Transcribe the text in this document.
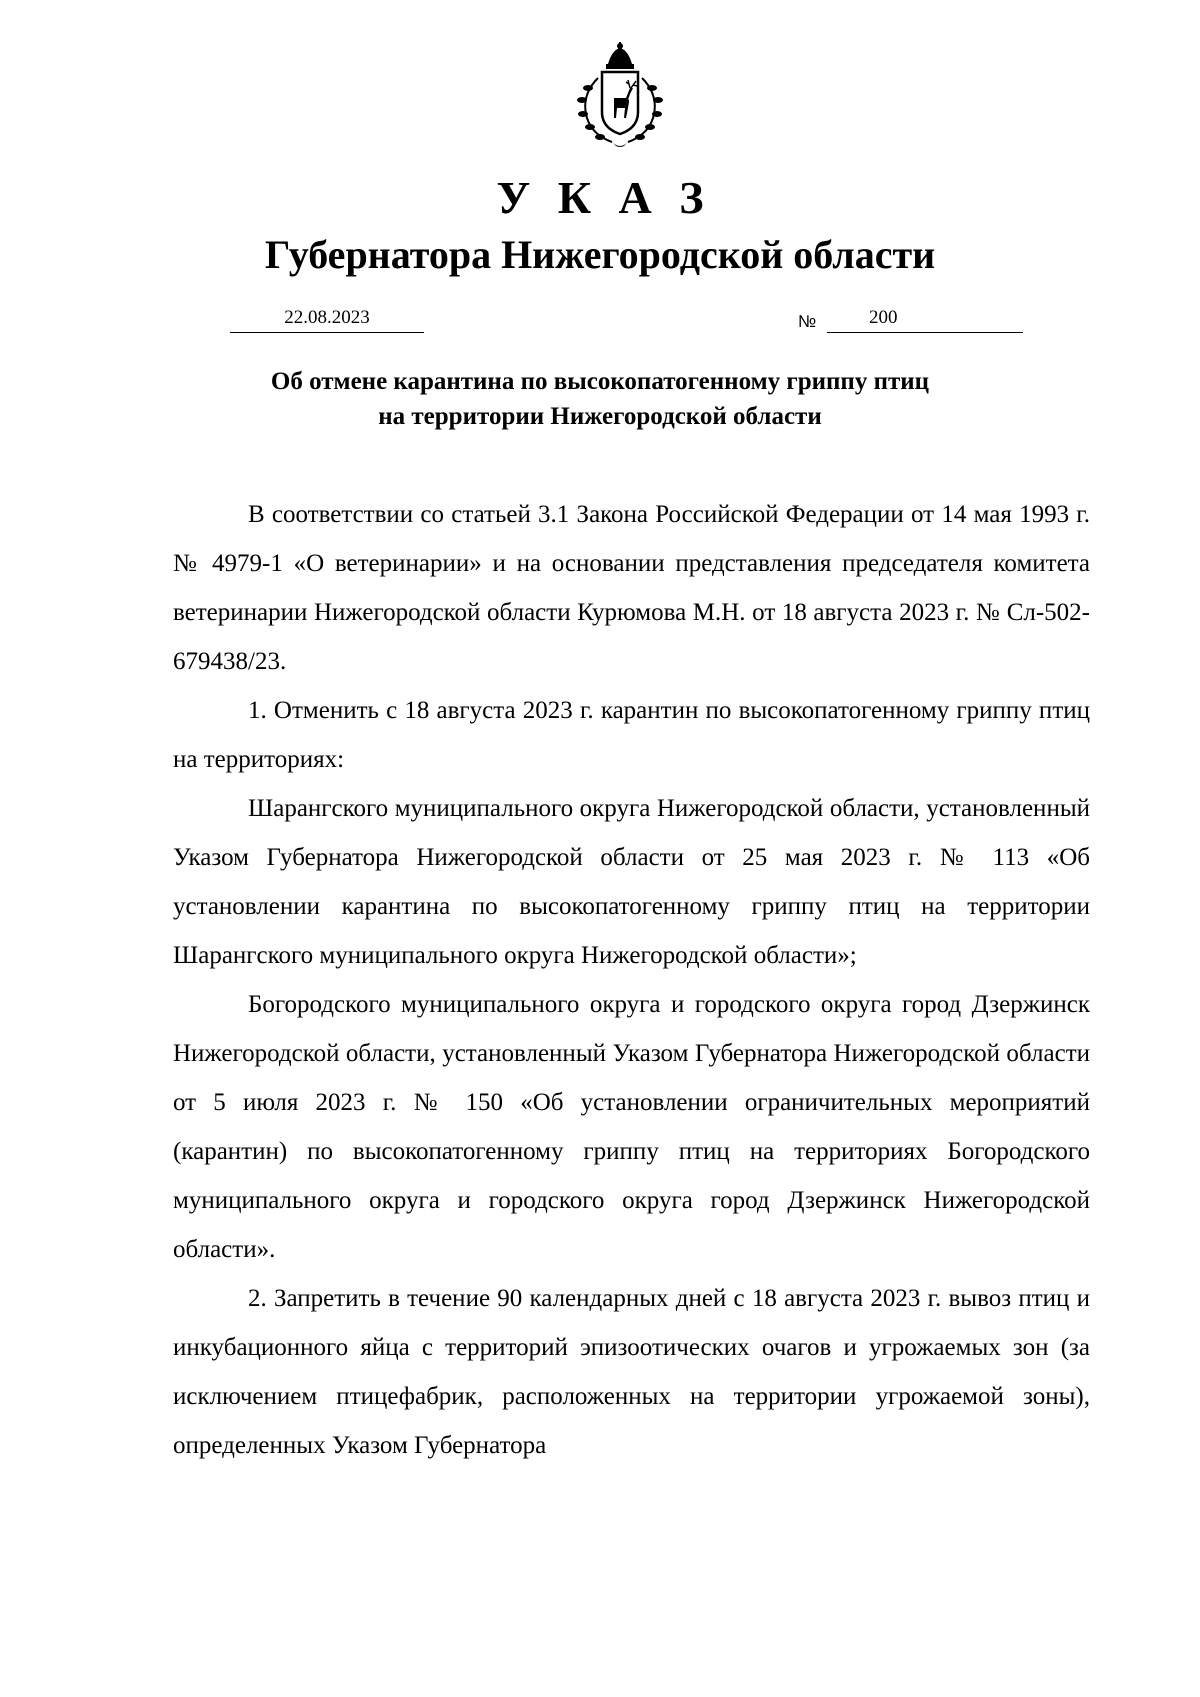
У К А З
Губернатора Нижегородской области
22.08.2023	№	200
Об отмене карантина по высокопатогенному гриппу птиц
на территории Нижегородской области

В соответствии со статьей 3.1 Закона Российской Федерации от 14 мая 1993 г. № 4979-1 «О ветеринарии» и на основании представления председателя комитета ветеринарии Нижегородской области Курюмова М.Н. от 18 августа 2023 г. № Сл-502-679438/23.

1. Отменить с 18 августа 2023 г. карантин по высокопатогенному гриппу птиц на территориях:

Шарангского муниципального округа Нижегородской области, установленный Указом Губернатора Нижегородской области от 25 мая 2023 г. № 113 «Об установлении карантина по высокопатогенному гриппу птиц на территории Шарангского муниципального округа Нижегородской области»;

Богородского муниципального округа и городского округа город Дзержинск Нижегородской области, установленный Указом Губернатора Нижегородской области от 5 июля 2023 г. № 150 «Об установлении ограничительных мероприятий (карантин) по высокопатогенному гриппу птиц на территориях Богородского муниципального округа и городского округа город Дзержинск Нижегородской области».

2. Запретить в течение 90 календарных дней с 18 августа 2023 г. вывоз птиц и инкубационного яйца с территорий эпизоотических очагов и угрожаемых зон (за исключением птицефабрик, расположенных на территории угрожаемой зоны), определенных Указом Губернатора
